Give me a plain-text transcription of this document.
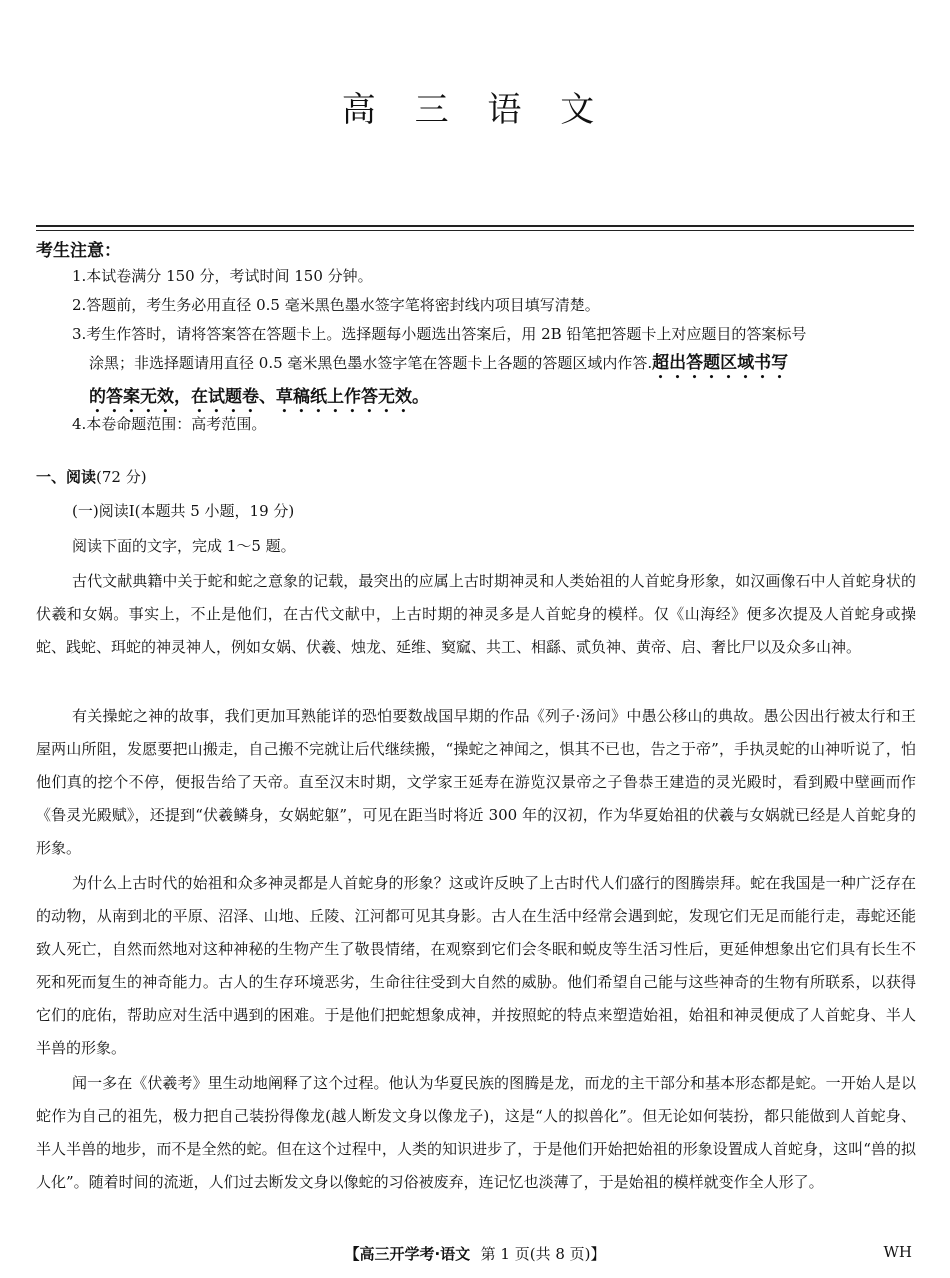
高 三 语 文
考生注意：
1.本试卷满分 150 分，考试时间 150 分钟。
2.答题前，考生务必用直径 0.5 毫米黑色墨水签字笔将密封线内项目填写清楚。
3.考生作答时，请将答案答在答题卡上。选择题每小题选出答案后，用 2B 铅笔把答题卡上对应题目的答案标号
涂黑；非选择题请用直径 0.5 毫米黑色墨水签字笔在答题卡上各题的答题区域内作答.超出答题区域书写
的答案无效，在试题卷、草稿纸上作答无效。
4.本卷命题范围：高考范围。
一、阅读(72 分)
(一)阅读Ⅰ(本题共 5 小题，19 分)
阅读下面的文字，完成 1～5 题。

古代文献典籍中关于蛇和蛇之意象的记载，最突出的应属上古时期神灵和人类始祖的人首蛇身形象，如汉画像石中人首蛇身状的伏羲和女娲。事实上，不止是他们，在古代文献中，上古时期的神灵多是人首蛇身的模样。仅《山海经》便多次提及人首蛇身或操蛇、践蛇、珥蛇的神灵神人，例如女娲、伏羲、烛龙、延维、窫窳、共工、相繇、贰负神、黄帝、启、奢比尸以及众多山神。

有关操蛇之神的故事，我们更加耳熟能详的恐怕要数战国早期的作品《列子·汤问》中愚公移山的典故。愚公因出行被太行和王屋两山所阻，发愿要把山搬走，自己搬不完就让后代继续搬，“操蛇之神闻之，惧其不已也，告之于帝”，手执灵蛇的山神听说了，怕他们真的挖个不停，便报告给了天帝。直至汉末时期，文学家王延寿在游览汉景帝之子鲁恭王建造的灵光殿时，看到殿中壁画而作《鲁灵光殿赋》，还提到“伏羲鳞身，女娲蛇躯”，可见在距当时将近 300 年的汉初，作为华夏始祖的伏羲与女娲就已经是人首蛇身的形象。

为什么上古时代的始祖和众多神灵都是人首蛇身的形象？这或许反映了上古时代人们盛行的图腾崇拜。蛇在我国是一种广泛存在的动物，从南到北的平原、沼泽、山地、丘陵、江河都可见其身影。古人在生活中经常会遇到蛇，发现它们无足而能行走，毒蛇还能致人死亡，自然而然地对这种神秘的生物产生了敬畏情绪，在观察到它们会冬眠和蜕皮等生活习性后，更延伸想象出它们具有长生不死和死而复生的神奇能力。古人的生存环境恶劣，生命往往受到大自然的威胁。他们希望自己能与这些神奇的生物有所联系，以获得它们的庇佑，帮助应对生活中遇到的困难。于是他们把蛇想象成神，并按照蛇的特点来塑造始祖，始祖和神灵便成了人首蛇身、半人半兽的形象。

闻一多在《伏羲考》里生动地阐释了这个过程。他认为华夏民族的图腾是龙，而龙的主干部分和基本形态都是蛇。一开始人是以蛇作为自己的祖先，极力把自己装扮得像龙(越人断发文身以像龙子)，这是“人的拟兽化”。但无论如何装扮，都只能做到人首蛇身、半人半兽的地步，而不是全然的蛇。但在这个过程中，人类的知识进步了，于是他们开始把始祖的形象设置成人首蛇身，这叫“兽的拟人化”。随着时间的流逝，人们过去断发文身以像蛇的习俗被废弃，连记忆也淡薄了，于是始祖的模样就变作全人形了。

【高三开学考·语文 第 1 页(共 8 页)】	WH
